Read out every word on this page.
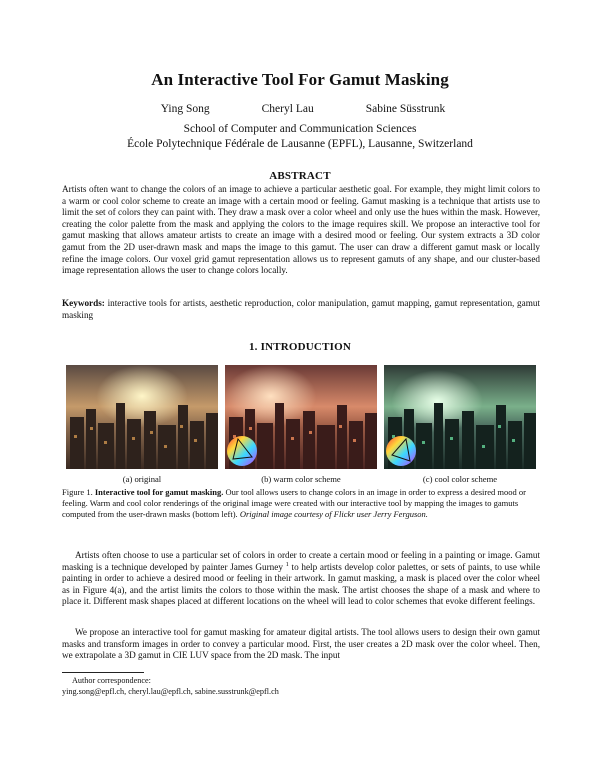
An Interactive Tool For Gamut Masking
Ying Song	Cheryl Lau	Sabine Süsstrunk
School of Computer and Communication Sciences
École Polytechnique Fédérale de Lausanne (EPFL), Lausanne, Switzerland
ABSTRACT
Artists often want to change the colors of an image to achieve a particular aesthetic goal. For example, they might limit colors to a warm or cool color scheme to create an image with a certain mood or feeling. Gamut masking is a technique that artists use to limit the set of colors they can paint with. They draw a mask over a color wheel and only use the hues within the mask. However, creating the color palette from the mask and applying the colors to the image requires skill. We propose an interactive tool for gamut masking that allows amateur artists to create an image with a desired mood or feeling. Our system extracts a 3D color gamut from the 2D user-drawn mask and maps the image to this gamut. The user can draw a different gamut mask or locally refine the image colors. Our voxel grid gamut representation allows us to represent gamuts of any shape, and our cluster-based image representation allows the user to change colors locally.
Keywords: interactive tools for artists, aesthetic reproduction, color manipulation, gamut mapping, gamut representation, gamut masking
1. INTRODUCTION
(a) original	(b) warm color scheme	(c) cool color scheme
Figure 1. Interactive tool for gamut masking. Our tool allows users to change colors in an image in order to express a desired mood or feeling. Warm and cool color renderings of the original image were created with our interactive tool by mapping the images to gamuts computed from the user-drawn masks (bottom left). Original image courtesy of Flickr user Jerry Ferguson.
Artists often choose to use a particular set of colors in order to create a certain mood or feeling in a painting or image. Gamut masking is a technique developed by painter James Gurney $^1$ to help artists develop color palettes, or sets of paints, to use while painting in order to achieve a desired mood or feeling in their artwork. In gamut masking, a mask is placed over the color wheel as in Figure 4(a), and the artist limits the colors to those within the mask. The artist chooses the shape of a mask and where to place it. Different mask shapes placed at different locations on the wheel will lead to color schemes that evoke different feelings.
We propose an interactive tool for gamut masking for amateur digital artists. The tool allows users to design their own gamut masks and transform images in order to convey a particular mood. First, the user creates a 2D mask over the color wheel. Then, we extrapolate a 3D gamut in CIE LUV space from the 2D mask. The input
Author correspondence:
ying.song@epfl.ch, cheryl.lau@epfl.ch, sabine.susstrunk@epfl.ch
